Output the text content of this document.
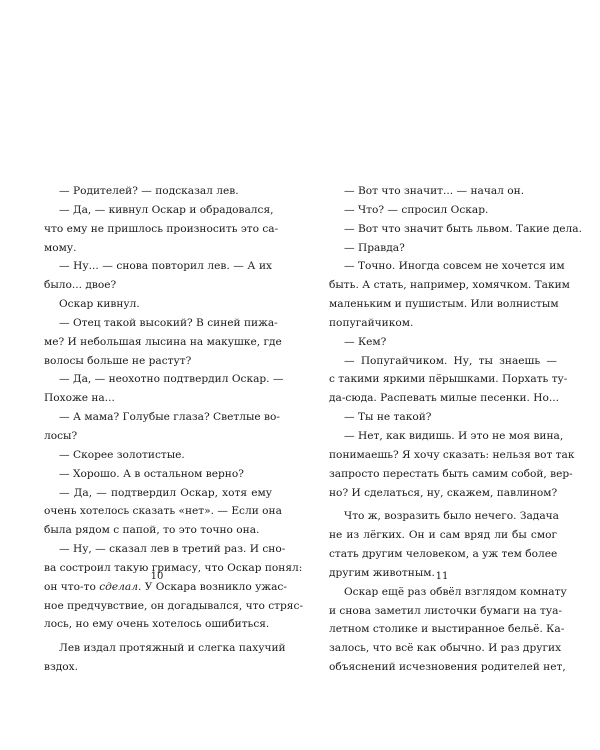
— Родителей? — подсказал лев.
— Да, — кивнул Оскар и обрадовался,
что ему не пришлось произносить это са-
мому.
— Ну... — снова повторил лев. — А их
было... двое?
Оскар кивнул.
— Отец такой высокий? В синей пижа-
ме? И небольшая лысина на макушке, где
волосы больше не растут?
— Да, — неохотно подтвердил Оскар. —
Похоже на...
— А мама? Голубые глаза? Светлые во-
лосы?
— Скорее золотистые.
— Хорошо. А в остальном верно?
— Да, — подтвердил Оскар, хотя ему
очень хотелось сказать «нет». — Если она
была рядом с папой, то это точно она.
— Ну, — сказал лев в третий раз. И сно-
ва состроил такую гримасу, что Оскар понял:
он что-то сделал. У Оскара возникло ужас-
ное предчувствие, он догадывался, что стряс-
лось, но ему очень хотелось ошибиться.
Лев издал протяжный и слегка пахучий
вздох.
10
— Вот что значит... — начал он.
— Что? — спросил Оскар.
— Вот что значит быть львом. Такие дела.
— Правда?
— Точно. Иногда совсем не хочется им
быть. А стать, например, хомячком. Таким
маленьким и пушистым. Или волнистым
попугайчиком.
— Кем?
— Попугайчиком. Ну, ты знаешь —
с такими яркими пёрышками. Порхать ту-
да-сюда. Распевать милые песенки. Но...
— Ты не такой?
— Нет, как видишь. И это не моя вина,
понимаешь? Я хочу сказать: нельзя вот так
запросто перестать быть самим собой, вер-
но? И сделаться, ну, скажем, павлином?
Что ж, возразить было нечего. Задача
не из лёгких. Он и сам вряд ли бы смог
стать другим человеком, а уж тем более
другим животным.
Оскар ещё раз обвёл взглядом комнату
и снова заметил листочки бумаги на туа-
летном столике и выстиранное бельё. Ка-
залось, что всё как обычно. И раз других
объяснений исчезновения родителей нет,
11
